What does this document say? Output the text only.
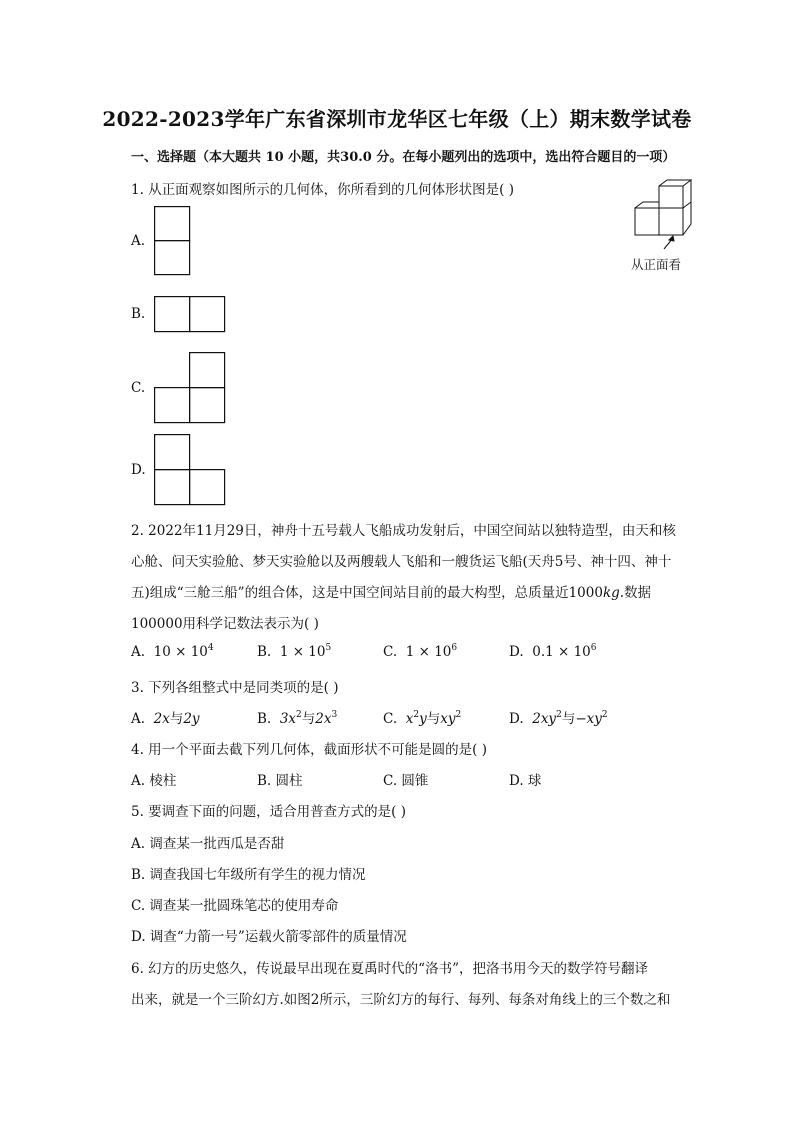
2022-2023学年广东省深圳市龙华区七年级（上）期末数学试卷
一、选择题（本大题共 10 小题，共30.0 分。在每小题列出的选项中，选出符合题目的一项）
1. 从正面观察如图所示的几何体，你所看到的几何体形状图是( )
从正面看
A.
B.
C.
D.
2. 2022年11月29日，神舟十五号载人飞船成功发射后，中国空间站以独特造型，由天和核
心舱、问天实验舱、梦天实验舱以及两艘载人飞船和一艘货运飞船(天舟5号、神十四、神十
五)组成“三舱三船”的组合体，这是中国空间站目前的最大构型，总质量近1000kg.数据
100000用科学记数法表示为( )
A. $10 \times 10^4$	B. $1 \times 10^5$	C. $1 \times 10^6$	D. $0.1 \times 10^6$
3. 下列各组整式中是同类项的是( )
A. 2x与2y	B. $3x^2$与$2x^3$	C. $x^2y$与$xy^2$	D. $2xy^2$与$-xy^2$
4. 用一个平面去截下列几何体，截面形状不可能是圆的是( )
A. 棱柱	B. 圆柱	C. 圆锥	D. 球
5. 要调查下面的问题，适合用普查方式的是( )
A. 调查某一批西瓜是否甜
B. 调查我国七年级所有学生的视力情况
C. 调查某一批圆珠笔芯的使用寿命
D. 调查“力箭一号”运载火箭零部件的质量情况
6. 幻方的历史悠久，传说最早出现在夏禹时代的“洛书”，把洛书用今天的数学符号翻译
出来，就是一个三阶幻方.如图2所示，三阶幻方的每行、每列、每条对角线上的三个数之和
